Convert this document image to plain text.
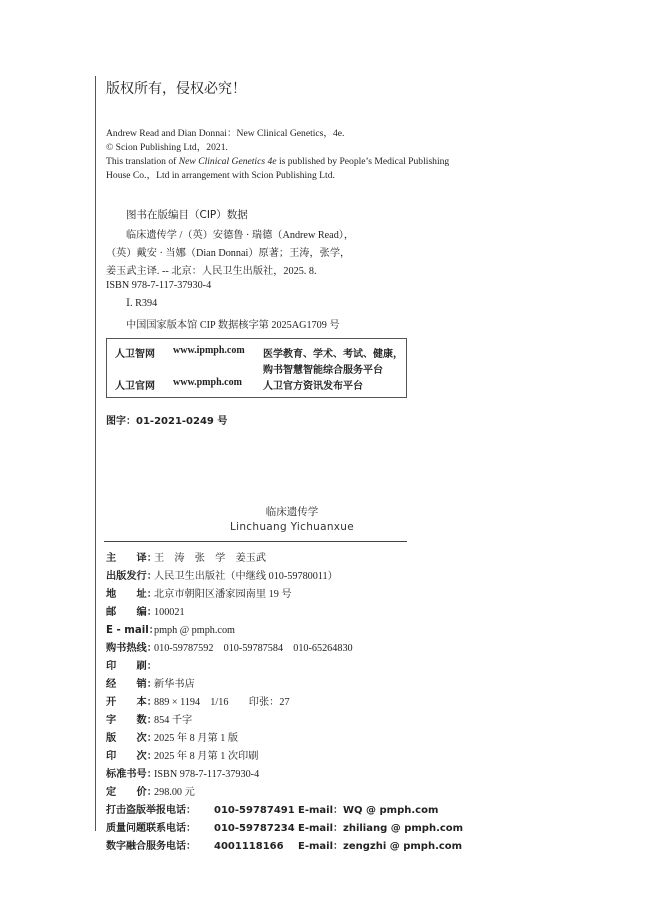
版权所有，侵权必究！
Andrew Read and Dian Donnai：New Clinical Genetics，4e.
© Scion Publishing Ltd，2021.
This translation of New Clinical Genetics 4e is published by People’s Medical Publishing
House Co.，Ltd in arrangement with Scion Publishing Ltd.
图书在版编目（CIP）数据
临床遗传学 /（英）安德鲁 · 瑞德（Andrew Read），
（英）戴安 · 当娜（Dian Donnai）原著；王涛，张学，
姜玉武主译. -- 北京：人民卫生出版社，2025. 8.
ISBN 978-7-117-37930-4
Ⅰ. R394
中国国家版本馆 CIP 数据核字第 2025AG1709 号
人卫智网 www.ipmph.com 医学教育、学术、考试、健康，
购书智慧智能综合服务平台
人卫官网 www.pmph.com 人卫官方资讯发布平台
图字：01-2021-0249 号
临床遗传学
Linchuang Yichuanxue
主　　译：王　涛　张　学　姜玉武
出版发行：人民卫生出版社（中继线 010-59780011）
地　　址：北京市朝阳区潘家园南里 19 号
邮　　编：100021
E - mail：pmph @ pmph.com
购书热线：010-59787592　010-59787584　010-65264830
印　　刷：
经　　销：新华书店
开　　本：889 × 1194　1/16　　印张：27
字　　数：854 千字
版　　次：2025 年 8 月第 1 版
印　　次：2025 年 8 月第 1 次印刷
标准书号：ISBN 978-7-117-37930-4
定　　价：298.00 元
打击盗版举报电话： 010-59787491 E-mail：WQ @ pmph.com
质量问题联系电话： 010-59787234 E-mail：zhiliang @ pmph.com
数字融合服务电话： 4001118166 E-mail：zengzhi @ pmph.com
